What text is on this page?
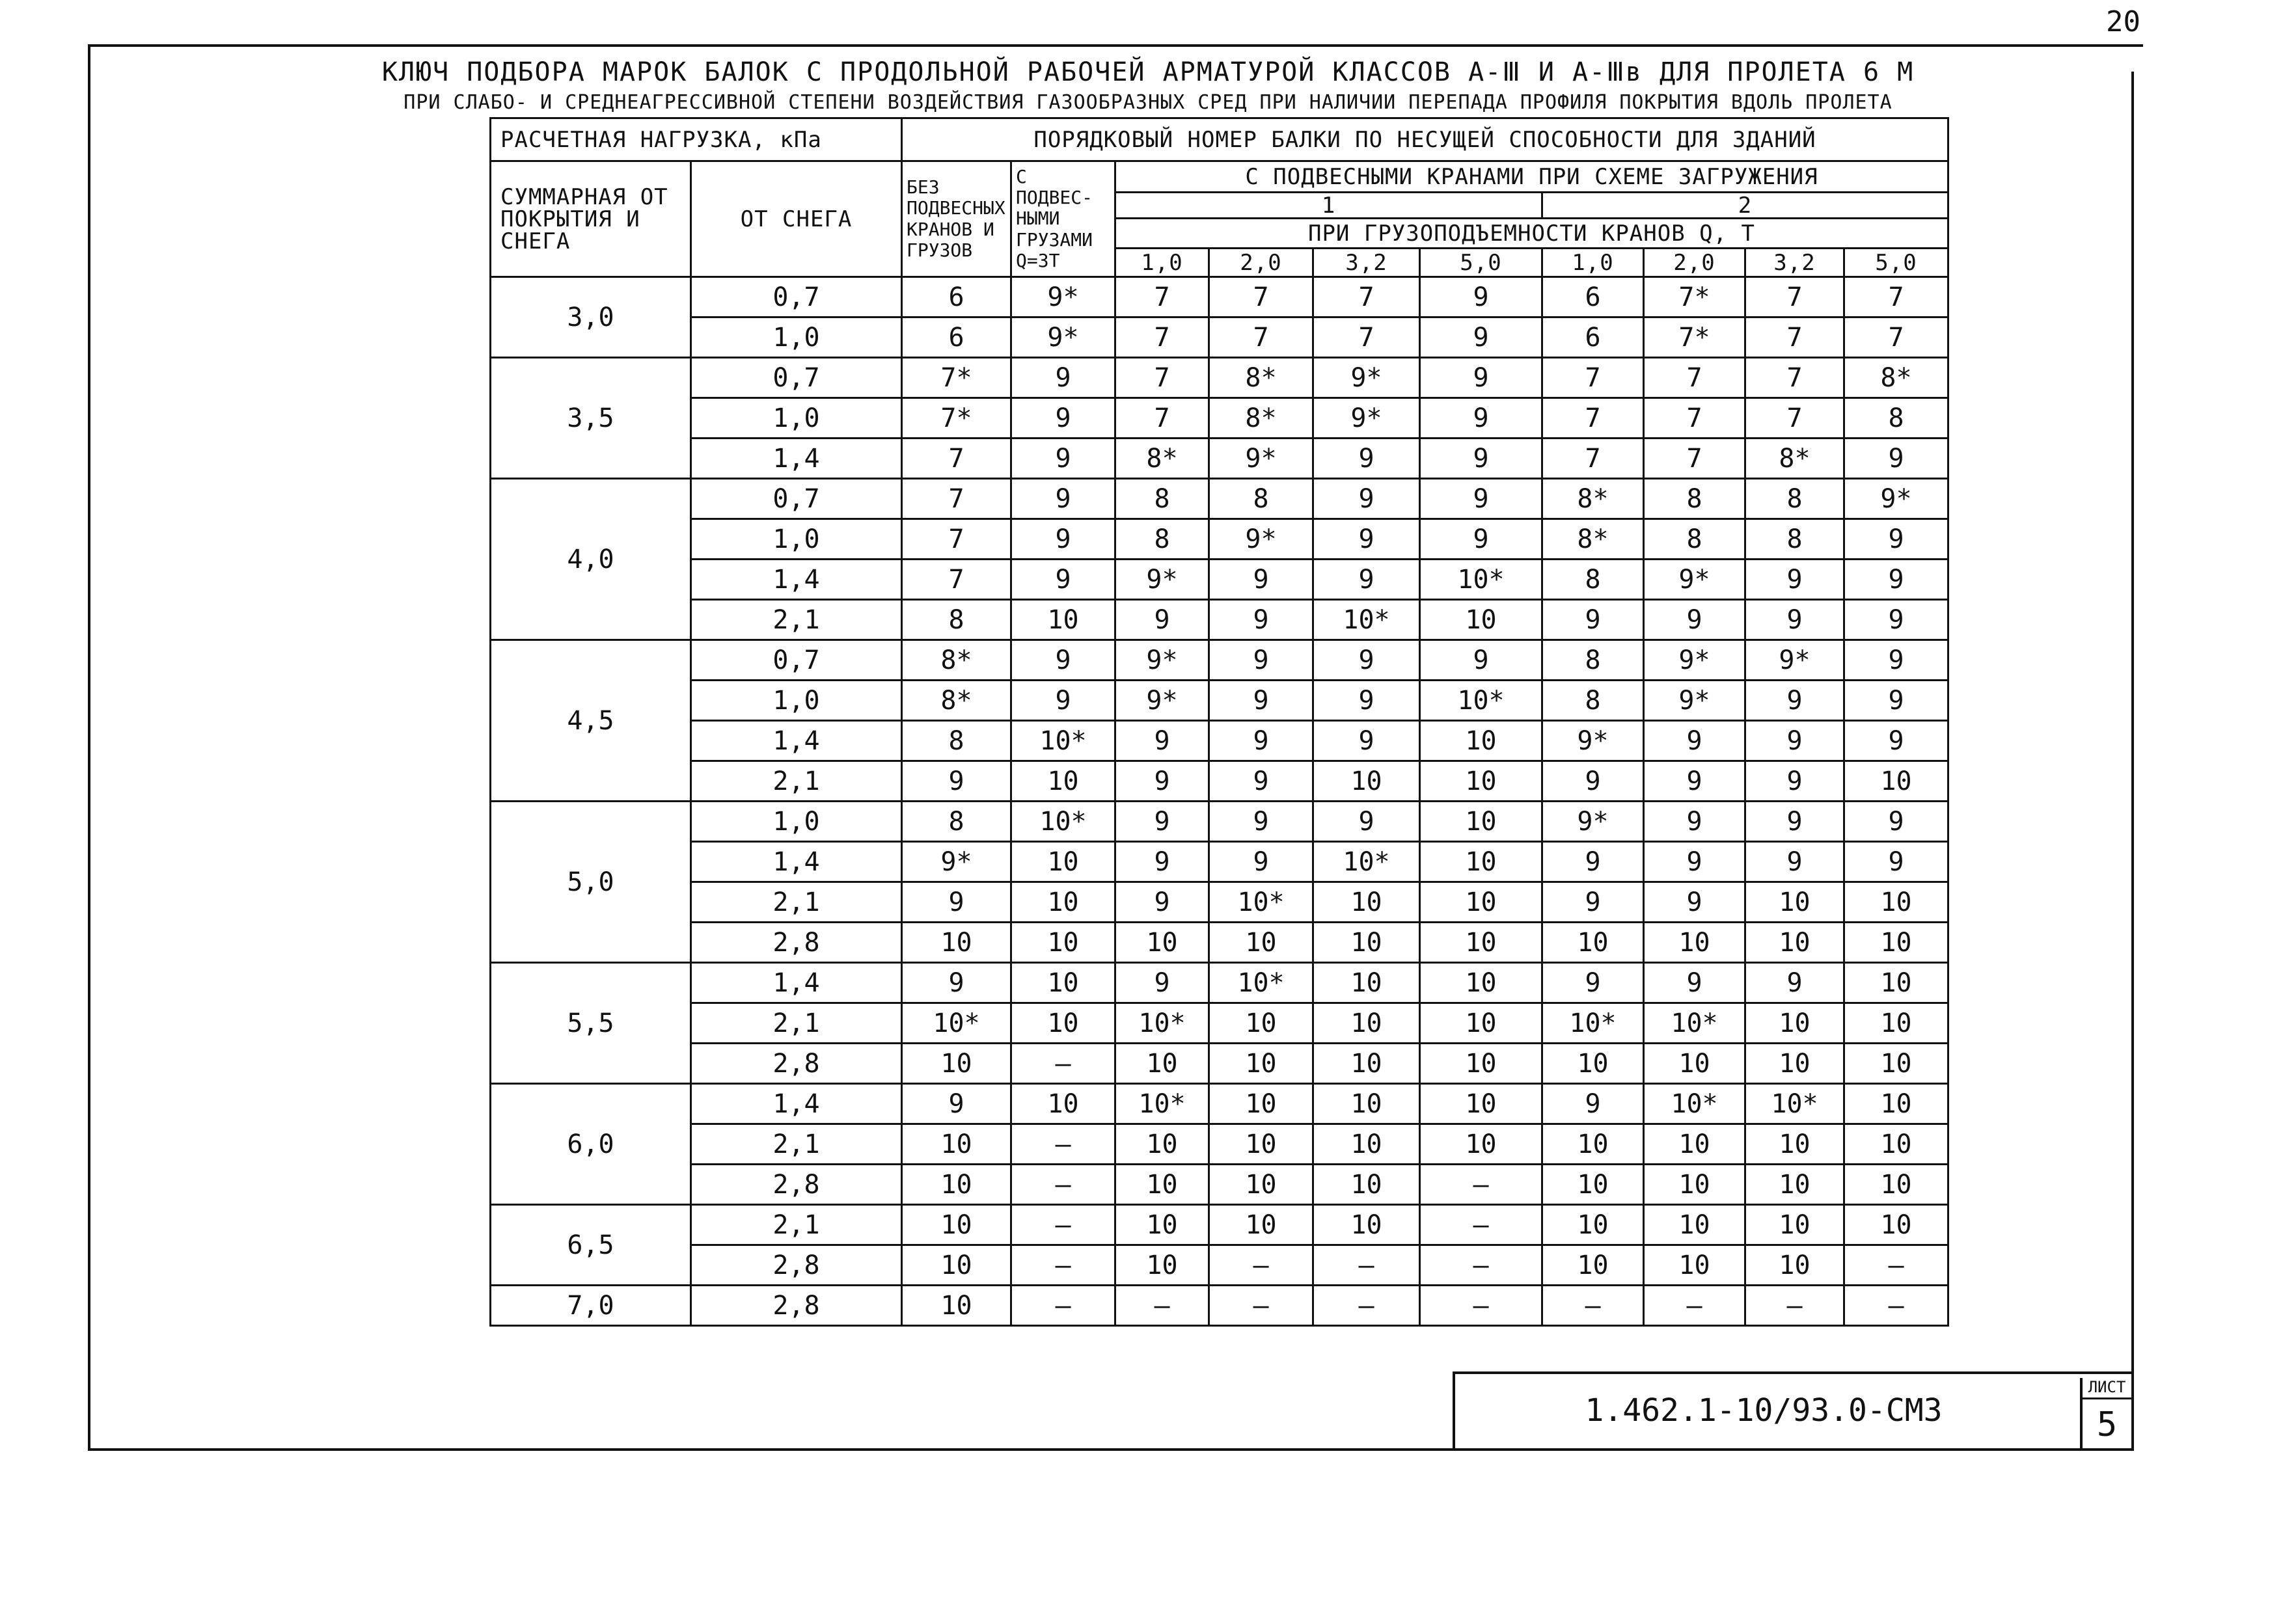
20
КЛЮЧ ПОДБОРА МАРОК БАЛОК С ПРОДОЛЬНОЙ РАБОЧЕЙ АРМАТУРОЙ КЛАССОВ А-Ⅲ И А-Ⅲв ДЛЯ ПРОЛЕТА 6 М
ПРИ СЛАБО- И СРЕДНЕАГРЕССИВНОЙ СТЕПЕНИ ВОЗДЕЙСТВИЯ ГАЗООБРАЗНЫХ СРЕД ПРИ НАЛИЧИИ ПЕРЕПАДА ПРОФИЛЯ ПОКРЫТИЯ ВДОЛЬ ПРОЛЕТА
РАСЧЕТНАЯ НАГРУЗКА, кПа		ПОРЯДКОВЫЙ НОМЕР БАЛКИ ПО НЕСУЩЕЙ СПОСОБНОСТИ ДЛЯ ЗДАНИЙ									
СУММАРНАЯ ОТ ПОКРЫТИЯ И СНЕГА	ОТ СНЕГА	БЕЗ ПОДВЕСНЫХ КРАНОВ И ГРУЗОВ	С ПОДВЕС- НЫМИ ГРУЗАМИ Q=3Т	С ПОДВЕСНЫМИ КРАНАМИ ПРИ СХЕМЕ ЗАГРУЖЕНИЯ							
				1				2			
				ПРИ ГРУЗОПОДЪЕМНОСТИ КРАНОВ Q, Т							
				1,0	2,0	3,2	5,0	1,0	2,0	3,2	5,0
3,0	0,7	6	9*	7	7	7	9	6	7*	7	7
	1,0	6	9*	7	7	7	9	6	7*	7	7
3,5	0,7	7*	9	7	8*	9*	9	7	7	7	8*
	1,0	7*	9	7	8*	9*	9	7	7	7	8
	1,4	7	9	8*	9*	9	9	7	7	8*	9
4,0	0,7	7	9	8	8	9	9	8*	8	8	9*
	1,0	7	9	8	9*	9	9	8*	8	8	9
	1,4	7	9	9*	9	9	10*	8	9*	9	9
	2,1	8	10	9	9	10*	10	9	9	9	9
4,5	0,7	8*	9	9*	9	9	9	8	9*	9*	9
	1,0	8*	9	9*	9	9	10*	8	9*	9	9
	1,4	8	10*	9	9	9	10	9*	9	9	9
	2,1	9	10	9	9	10	10	9	9	9	10
5,0	1,0	8	10*	9	9	9	10	9*	9	9	9
	1,4	9*	10	9	9	10*	10	9	9	9	9
	2,1	9	10	9	10*	10	10	9	9	10	10
	2,8	10	10	10	10	10	10	10	10	10	10
5,5	1,4	9	10	9	10*	10	10	9	9	9	10
	2,1	10*	10	10*	10	10	10	10*	10*	10	10
	2,8	10	—	10	10	10	10	10	10	10	10
6,0	1,4	9	10	10*	10	10	10	9	10*	10*	10
	2,1	10	—	10	10	10	10	10	10	10	10
	2,8	10	—	10	10	10	—	10	10	10	10
6,5	2,1	10	—	10	10	10	—	10	10	10	10
	2,8	10	—	10	—	—	—	10	10	10	—
7,0	2,8	10	—	—	—	—	—	—	—	—	—
1.462.1-10/93.0-СМ3
ЛИСТ
5
